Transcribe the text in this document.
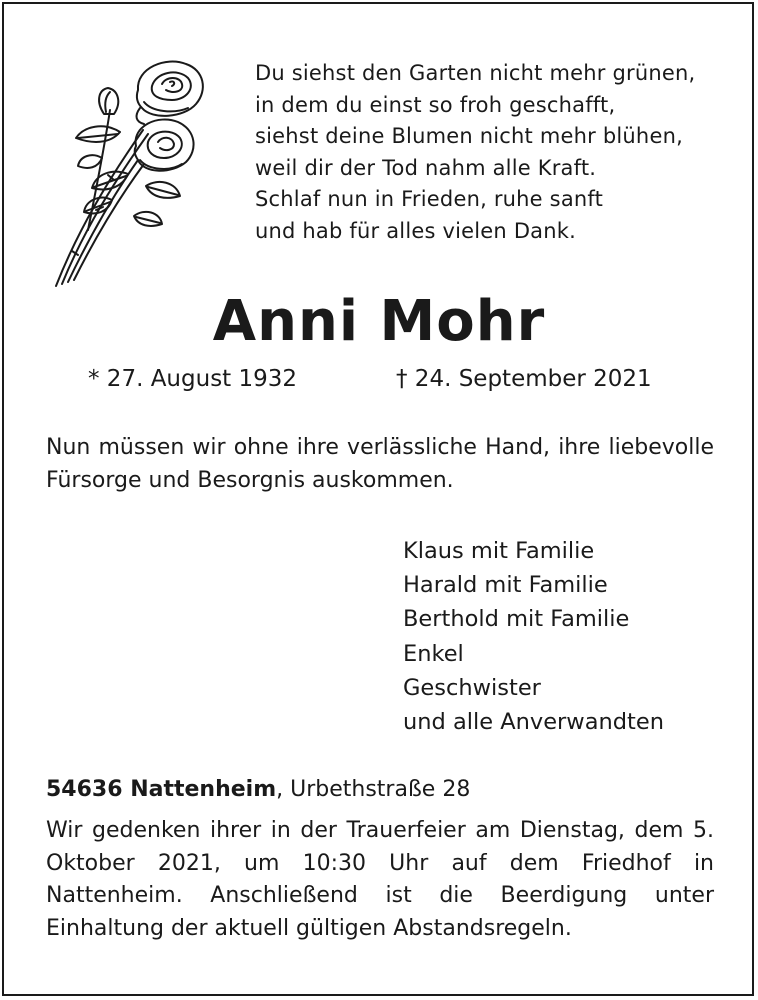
Du siehst den Garten nicht mehr grünen,
in dem du einst so froh geschafft,
siehst deine Blumen nicht mehr blühen,
weil dir der Tod nahm alle Kraft.
Schlaf nun in Frieden, ruhe sanft
und hab für alles vielen Dank.
Anni Mohr
* 27. August 1932	† 24. September 2021
Nun müssen wir ohne ihre verlässliche Hand, ihre liebevolle Fürsorge und Besorgnis auskommen.
Klaus mit Familie
Harald mit Familie
Berthold mit Familie
Enkel
Geschwister
und alle Anverwandten
54636 Nattenheim, Urbethstraße 28
Wir gedenken ihrer in der Trauerfeier am Dienstag, dem 5. Oktober 2021, um 10:30 Uhr auf dem Friedhof in Nattenheim. Anschließend ist die Beerdigung unter Einhaltung der aktuell gültigen Abstandsregeln.
